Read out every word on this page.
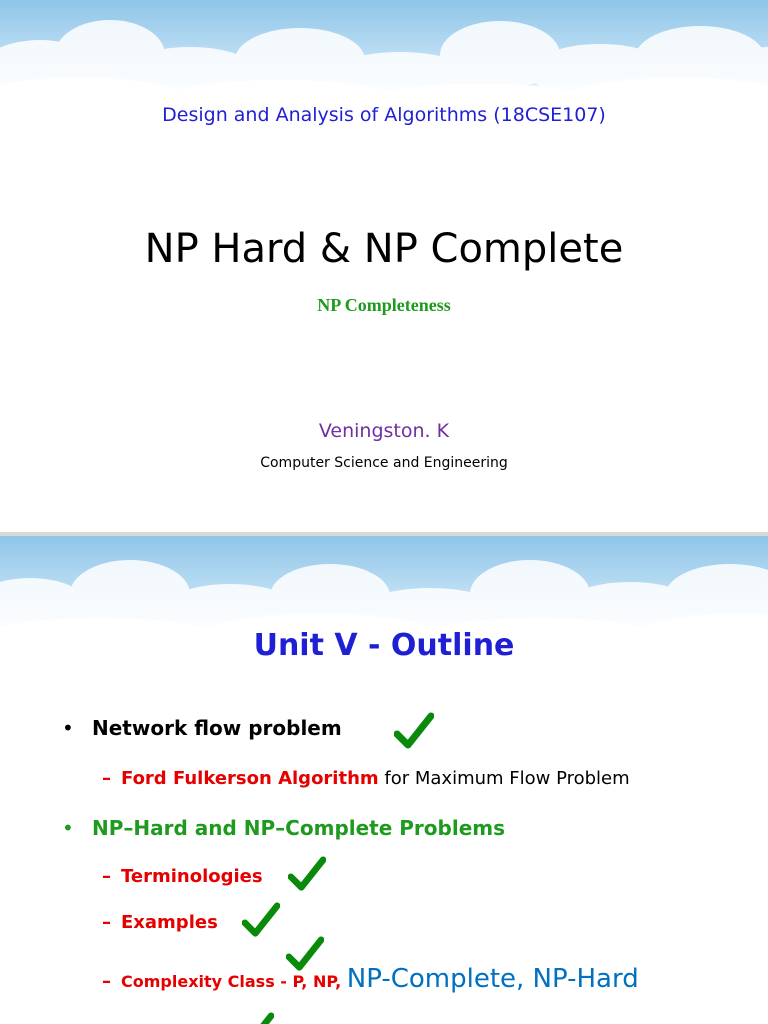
Design and Analysis of Algorithms (18CSE107)
NP Hard & NP Complete
NP Completeness
Veningston. K
Computer Science and Engineering
Unit V - Outline
• Network flow problem
– Ford Fulkerson Algorithm for Maximum Flow Problem
• NP–Hard and NP–Complete Problems
– Terminologies
– Examples
– Complexity Class - P, NP, NP-Complete, NP-Hard
